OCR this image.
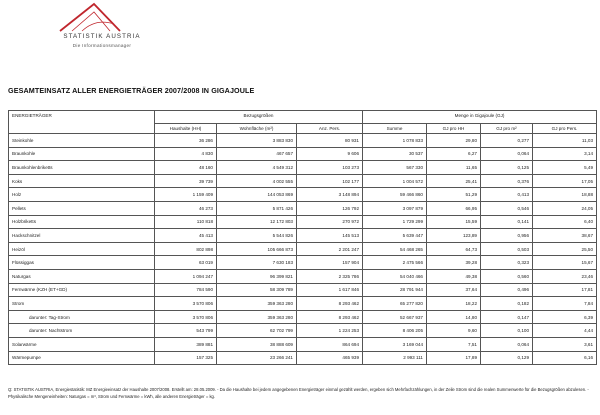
STATISTIK AUSTRIA
Die Informationsmanager
GESAMTEINSATZ ALLER ENERGIETRÄGER 2007/2008 IN GIGAJOULE
ENERGIETRÄGER	Bezugsgrößen			Menge in Gigajoule (GJ)			
	Haushalte (HH)	Wohnfläche (m²)	Anz. Pers.	Summe	GJ pro HH	GJ pro m²	GJ pro Pers.
Steinkohle	36 286	3 883 830	80 931	1 078 833	29,80	0,277	11,03
Braunkohle	4 830	467 657	9 606	30 537	6,27	0,064	3,14
Braunkohlenbriketts	48 160	4 549 312	103 273	567 330	11,65	0,125	5,49
Koks	39 739	4 002 555	102 177	1 004 572	25,41	0,376	17,05
Holz	1 159 409	144 053 869	3 148 894	59 466 860	51,29	0,413	18,88
Pellets	46 273	5 871 426	126 792	3 097 879	66,95	0,546	24,05
Holzbriketts	110 818	12 172 803	270 972	1 729 299	15,59	0,141	6,40
Hackschnitzel	45 413	5 544 826	145 513	5 639 447	123,89	0,956	38,67
Heizöl	802 898	105 666 873	2 201 247	54 468 265	64,73	0,503	25,50
Flüssiggas	63 019	7 630 183	157 904	2 475 566	39,28	0,323	15,67
Naturgas	1 094 247	96 399 821	2 325 786	54 040 466	49,38	0,560	23,46
Fernwärme (KZH (ET+GD)	784 590	58 309 789	1 617 846	28 791 944	37,64	0,496	17,81
Strom	3 570 806	359 363 280	8 293 462	65 277 820	18,22	0,182	7,84
darunter: Tag-Strom	3 570 806	359 363 280	8 293 462	52 667 937	14,80	0,147	6,39
darunter: Nachtstrom	543 799	62 702 799	1 224 253	8 406 205	9,60	0,100	4,44
Solarwärme	389 881	38 888 609	864 694	3 169 044	7,51	0,064	3,61
Wärmepumpe	157 325	23 266 241	465 939	2 993 111	17,89	0,129	6,16
Q: STATISTIK AUSTRIA, Energiestatistik: MZ Energieeinsatz der Haushalte 2007/2008. Erstellt am: 28.05.2009. - Da die Haushalte bei jedem angegebenen Energieträger einmal gezählt werden, ergeben sich Mehrfachzählungen, in der Zeile Strom sind die realen Summenwerte für die Bezugsgrößen abzulesen. - Physikalische Mengeneinheiten: Naturgas = m³, Strom und Fernwärme = kWh, alle anderen Energieträger = kg.
